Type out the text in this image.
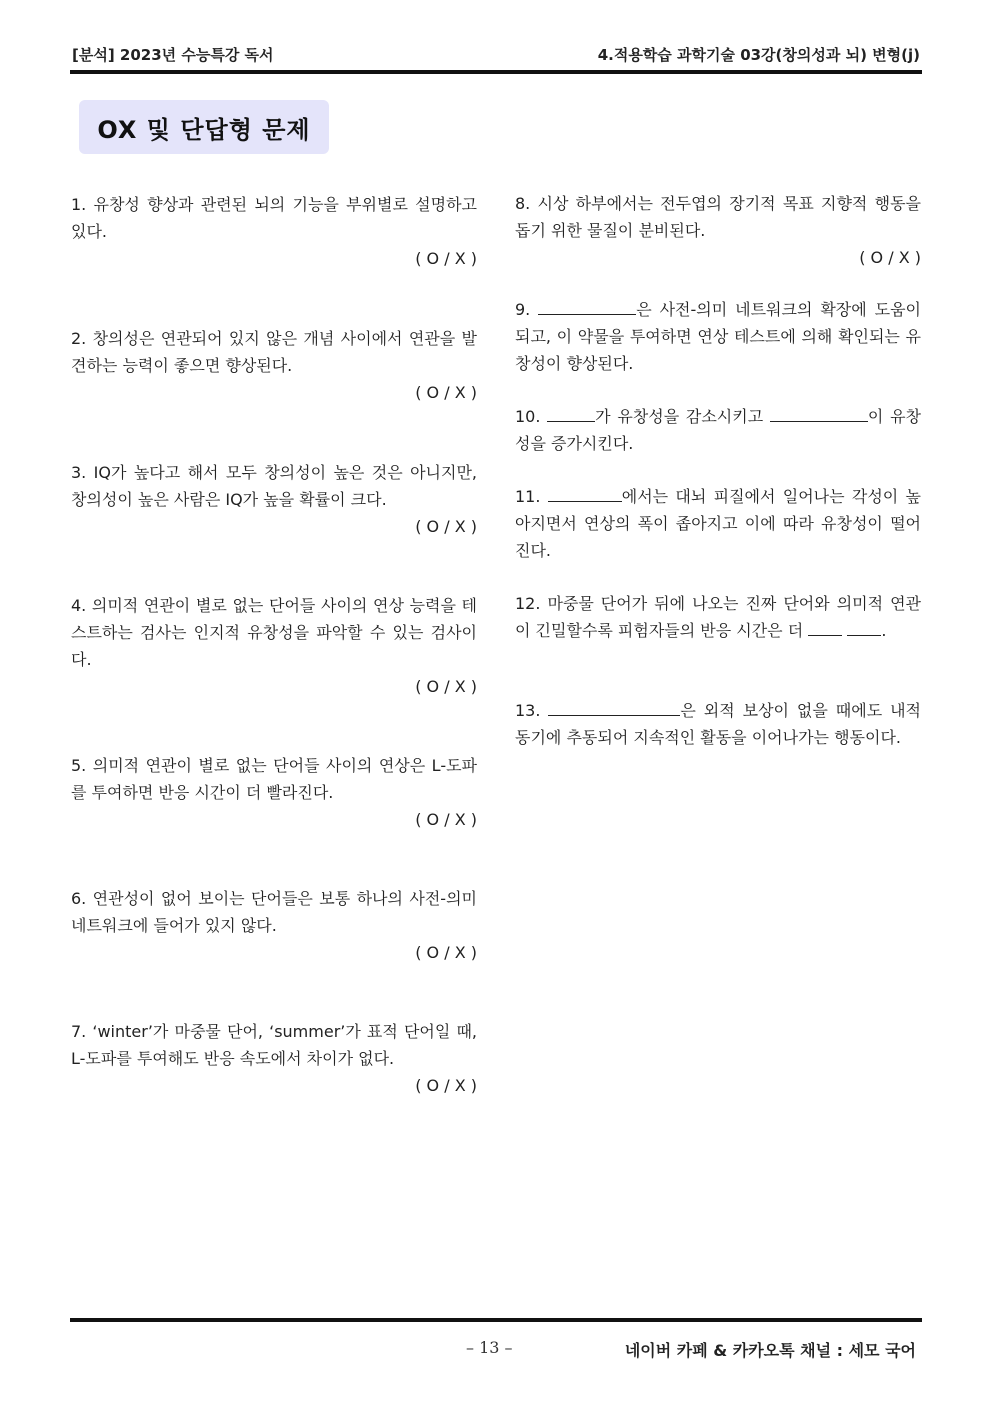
[분석] 2023년 수능특강 독서	4.적용학습 과학기술 03강(창의성과 뇌) 변형(j)
OX 및 단답형 문제
1. 유창성 향상과 관련된 뇌의 기능을 부위별로 설명하고 있다.
( O / X )
2. 창의성은 연관되어 있지 않은 개념 사이에서 연관을 발견하는 능력이 좋으면 향상된다.
( O / X )
3. IQ가 높다고 해서 모두 창의성이 높은 것은 아니지만, 창의성이 높은 사람은 IQ가 높을 확률이 크다.
( O / X )
4. 의미적 연관이 별로 없는 단어들 사이의 연상 능력을 테스트하는 검사는 인지적 유창성을 파악할 수 있는 검사이다.
( O / X )
5. 의미적 연관이 별로 없는 단어들 사이의 연상은 L-도파를 투여하면 반응 시간이 더 빨라진다.
( O / X )
6. 연관성이 없어 보이는 단어들은 보통 하나의 사전-의미 네트워크에 들어가 있지 않다.
( O / X )
7. ‘winter’가 마중물 단어, ‘summer’가 표적 단어일 때, L-도파를 투여해도 반응 속도에서 차이가 없다.
( O / X )
8. 시상 하부에서는 전두엽의 장기적 목표 지향적 행동을 돕기 위한 물질이 분비된다.
( O / X )
9.	은 사전-의미 네트워크의 확장에 도움이 되고, 이 약물을 투여하면 연상 테스트에 의해 확인되는 유창성이 향상된다.
10.	가 유창성을 감소시키고	이 유창성을 증가시킨다.
11.	에서는 대뇌 피질에서 일어나는 각성이 높아지면서 연상의 폭이 좁아지고 이에 따라 유창성이 떨어진다.
12. 마중물 단어가 뒤에 나오는 진짜 단어와 의미적 연관이 긴밀할수록 피험자들의 반응 시간은 더	.
13.	은 외적 보상이 없을 때에도 내적 동기에 추동되어 지속적인 활동을 이어나가는 행동이다.
– 13 –	네이버 카페 & 카카오톡 채널 : 세모 국어
